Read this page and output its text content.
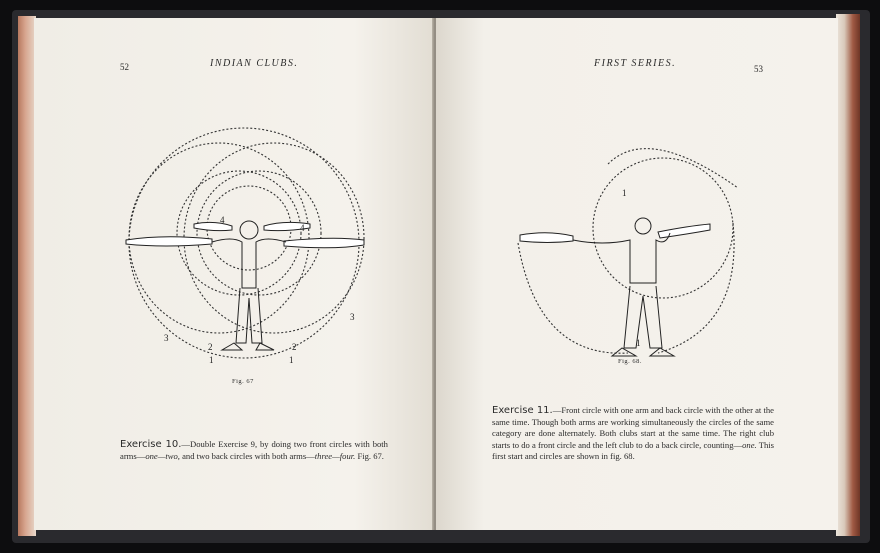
52	INDIAN CLUBS.
1	1
2	2
3
3
4
4
Fig. 67
Exercise 10.—Double Exercise 9, by doing two front circles with both arms—one—two, and two back circles with both arms—three—four. Fig. 67.
FIRST SERIES.	53
1
1
Fig. 68.
Exercise 11.—Front circle with one arm and back circle with the other at the same time. Though both arms are working simultaneously the circles of the same category are done alternately. Both clubs start at the same time. The right club starts to do a front circle and the left club to do a back circle, counting—one. This first start and circles are shown in fig. 68.
